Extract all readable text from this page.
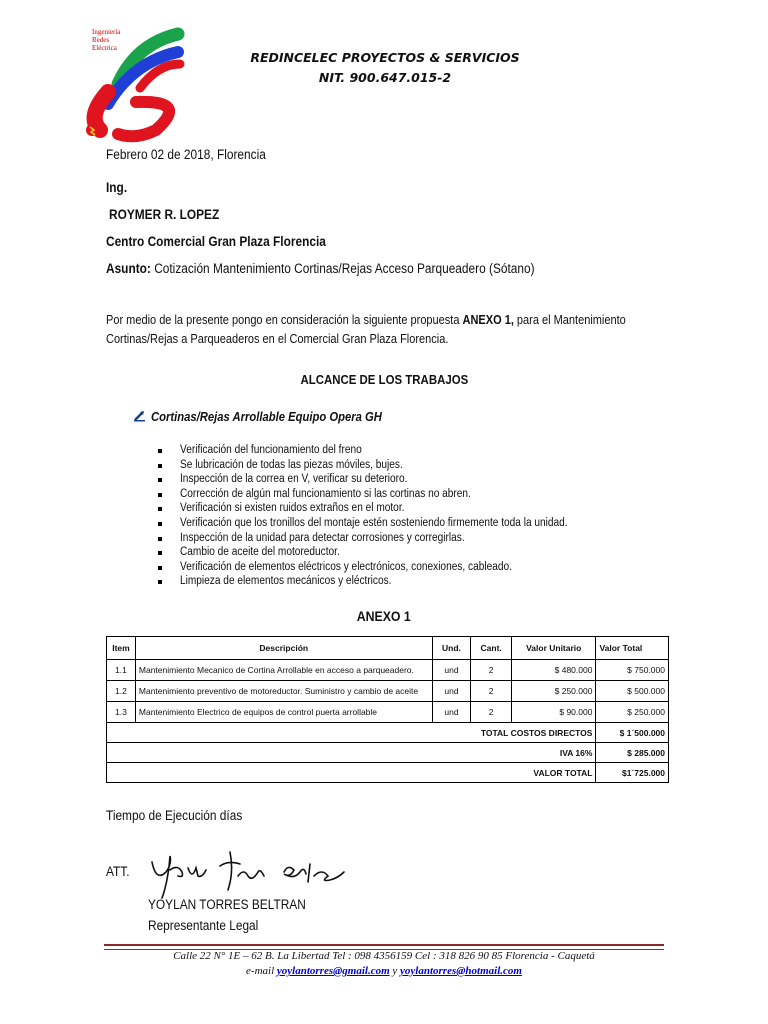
Ingeniería
Redes
Eléctrica
REDINCELEC PROYECTOS & SERVICIOS
NIT. 900.647.015-2
Febrero 02 de 2018, Florencia
Ing.
ROYMER R. LOPEZ
Centro Comercial Gran Plaza Florencia
Asunto: Cotización Mantenimiento Cortinas/Rejas Acceso Parqueadero (Sótano)
Por medio de la presente pongo en consideración la siguiente propuesta ANEXO 1, para el Mantenimiento
Cortinas/Rejas a Parqueaderos en el Comercial Gran Plaza Florencia.
ALCANCE DE LOS TRABAJOS
Cortinas/Rejas Arrollable Equipo Opera GH
Verificación del funcionamiento del freno
Se lubricación de todas las piezas móviles, bujes.
Inspección de la correa en V, verificar su deterioro.
Corrección de algún mal funcionamiento si las cortinas no abren.
Verificación si existen ruidos extraños en el motor.
Verificación que los tronillos del montaje estén sosteniendo firmemente toda la unidad.
Inspección de la unidad para detectar corrosiones y corregirlas.
Cambio de aceite del motoreductor.
Verificación de elementos eléctricos y electrónicos, conexiones, cableado.
Limpieza de elementos mecánicos y eléctricos.
ANEXO 1
Item	Descripción	Und.	Cant.	Valor Unitario	Valor Total
1.1	Mantenimiento Mecanico de Cortina Arrollable en acceso a parqueadero.	und	2	$ 480.000	$ 750.000
1.2	Mantenimiento preventivo de motoreductor. Suministro y cambio de aceite	und	2	$ 250.000	$ 500.000
1.3	Mantenimiento Electrico de equipos de control puerta arrollable	und	2	$ 90.000	$ 250.000
TOTAL COSTOS DIRECTOS					$ 1´500.000
IVA 16%					$ 285.000
VALOR TOTAL					$1´725.000
Tiempo de Ejecución días
ATT.
YOYLAN TORRES BELTRAN
Representante Legal
Calle 22 N° 1E – 62 B. La Libertad Tel : 098 4356159 Cel : 318 826 90 85 Florencia - Caquetá
e-mail yoylantorres@gmail.com y yoylantorres@hotmail.com
